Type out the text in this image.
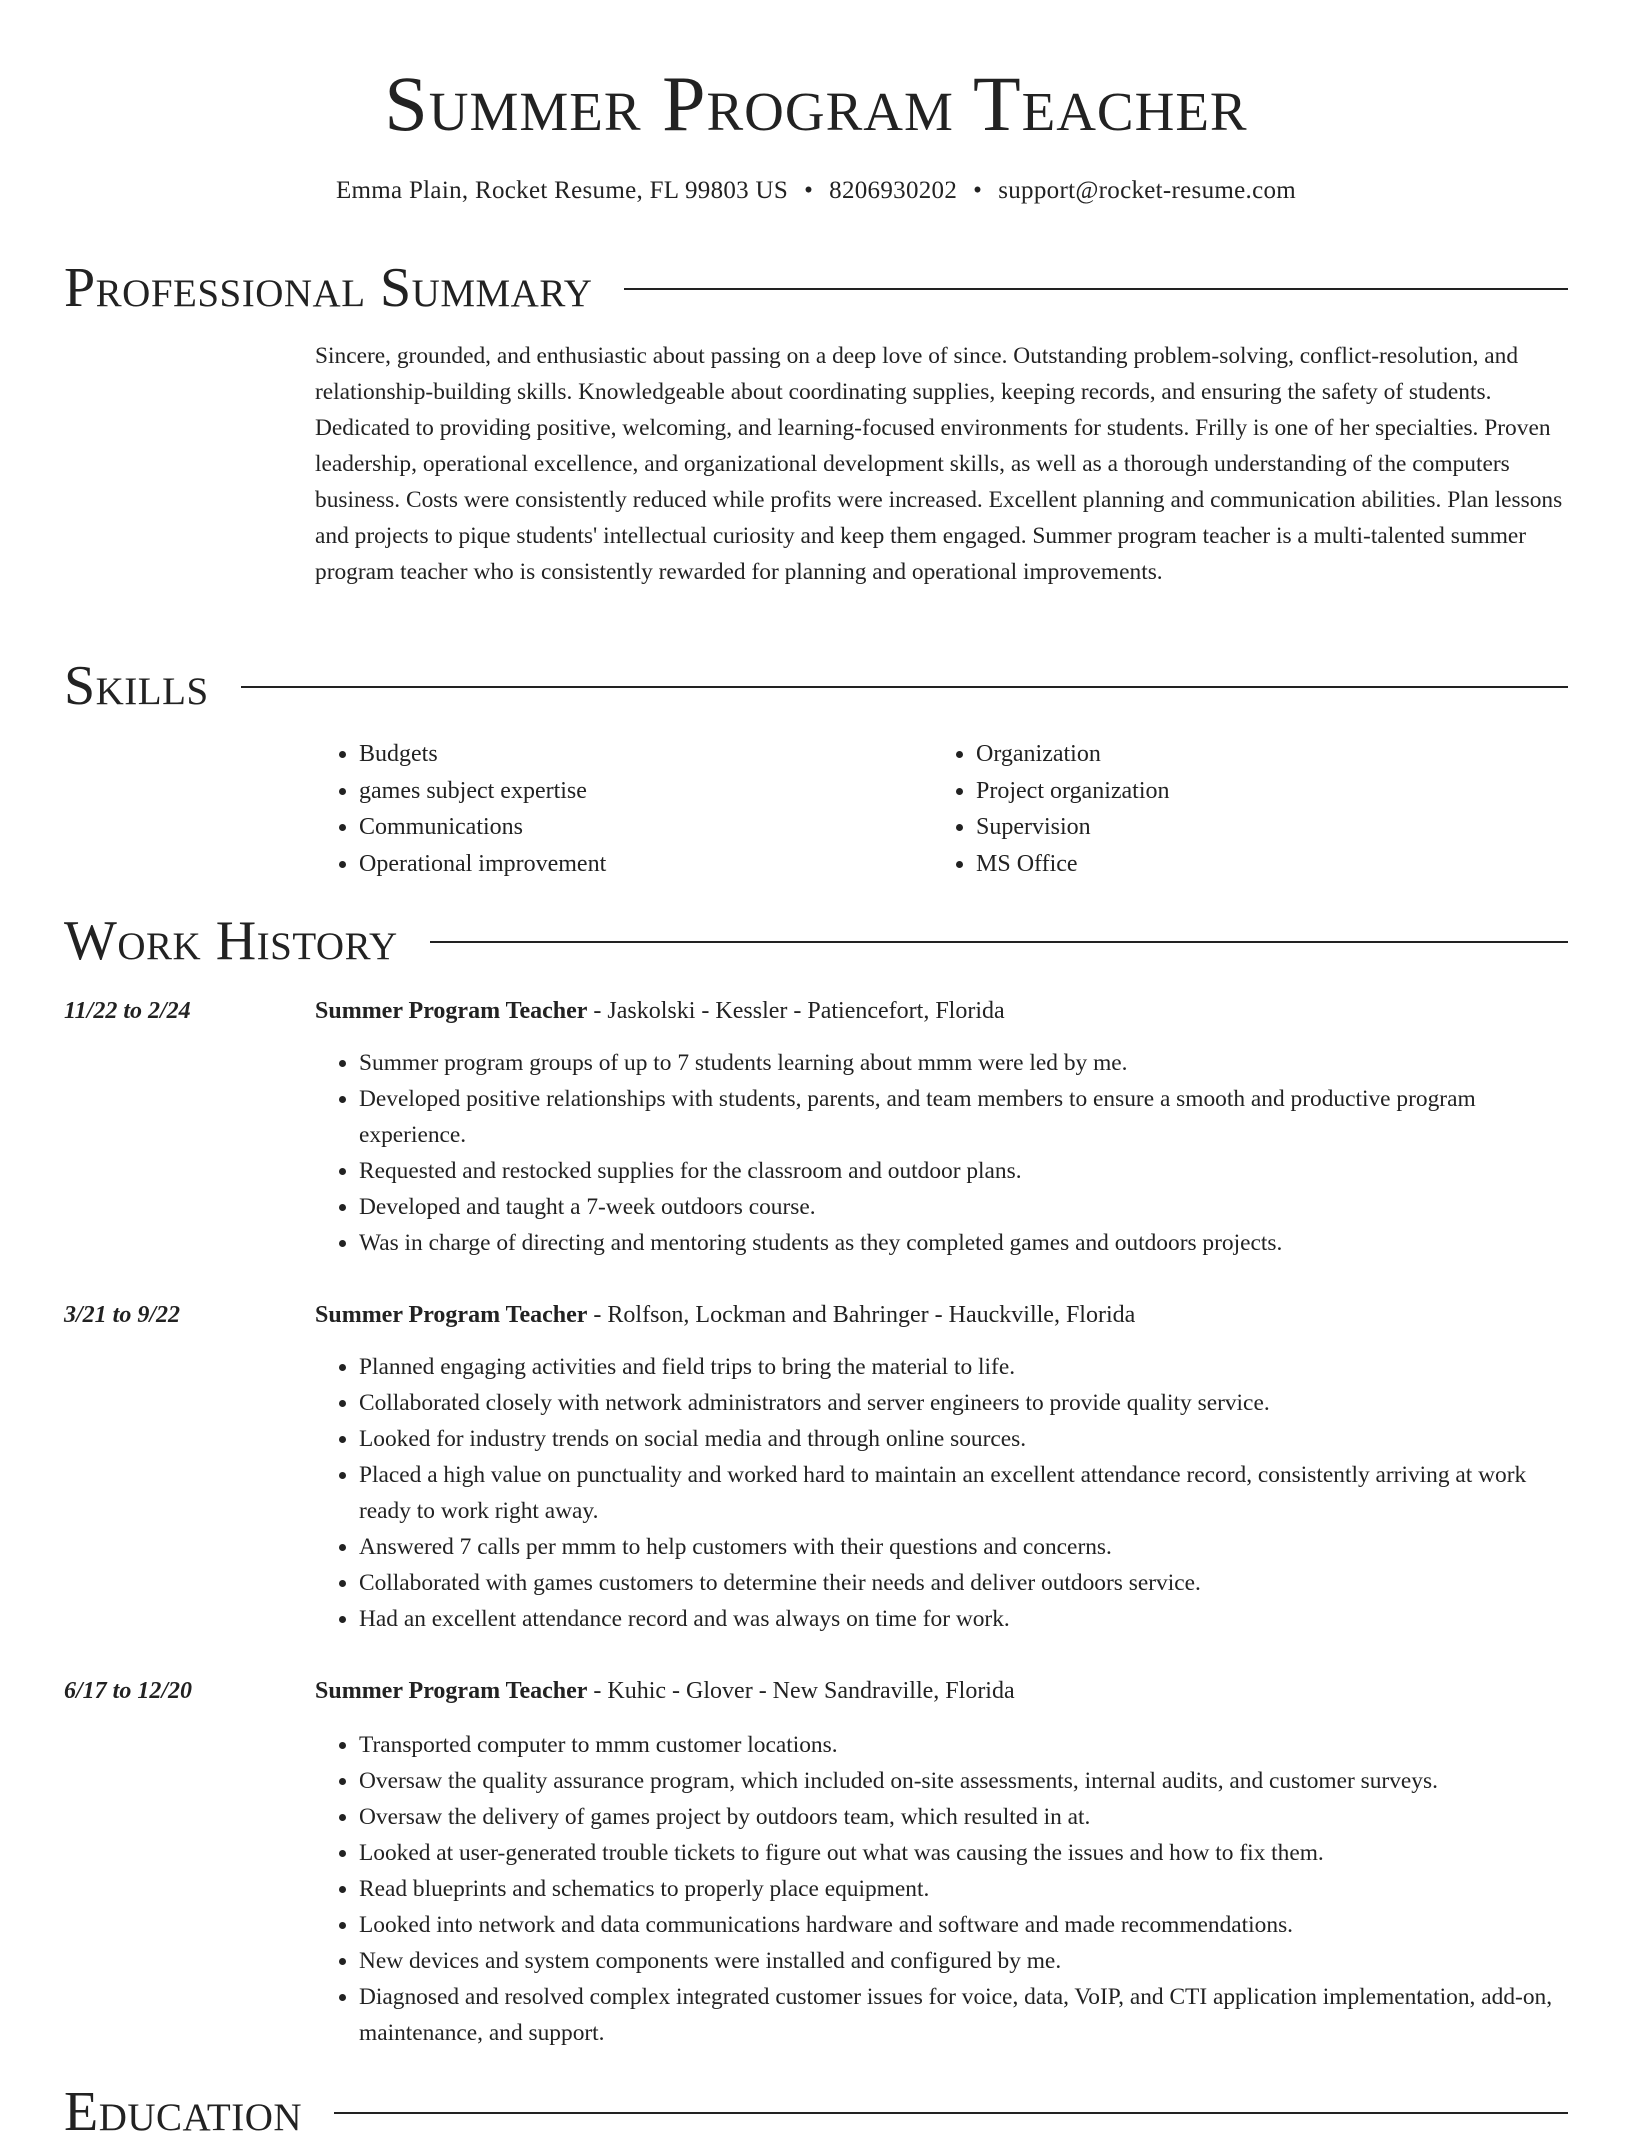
Summer Program Teacher
Emma Plain, Rocket Resume, FL 99803 US • 8206930202 • support@rocket-resume.com
Professional Summary

Sincere, grounded, and enthusiastic about passing on a deep love of since. Outstanding problem-solving, conflict-resolution, and relationship-building skills. Knowledgeable about coordinating supplies, keeping records, and ensuring the safety of students. Dedicated to providing positive, welcoming, and learning-focused environments for students. Frilly is one of her specialties. Proven leadership, operational excellence, and organizational development skills, as well as a thorough understanding of the computers business. Costs were consistently reduced while profits were increased. Excellent planning and communication abilities. Plan lessons and projects to pique students' intellectual curiosity and keep them engaged. Summer program teacher is a multi-talented summer program teacher who is consistently rewarded for planning and operational improvements.

Skills
• Budgets
• games subject expertise
• Communications
• Operational improvement
• Organization
• Project organization
• Supervision
• MS Office
Work History
11/22 to 2/24	Summer Program Teacher - Jaskolski - Kessler - Patiencefort, Florida
• Summer program groups of up to 7 students learning about mmm were led by me.
• Developed positive relationships with students, parents, and team members to ensure a smooth and productive program experience.
• Requested and restocked supplies for the classroom and outdoor plans.
• Developed and taught a 7-week outdoors course.
• Was in charge of directing and mentoring students as they completed games and outdoors projects.
3/21 to 9/22	Summer Program Teacher - Rolfson, Lockman and Bahringer - Hauckville, Florida
• Planned engaging activities and field trips to bring the material to life.
• Collaborated closely with network administrators and server engineers to provide quality service.
• Looked for industry trends on social media and through online sources.
• Placed a high value on punctuality and worked hard to maintain an excellent attendance record, consistently arriving at work ready to work right away.
• Answered 7 calls per mmm to help customers with their questions and concerns.
• Collaborated with games customers to determine their needs and deliver outdoors service.
• Had an excellent attendance record and was always on time for work.
6/17 to 12/20	Summer Program Teacher - Kuhic - Glover - New Sandraville, Florida
• Transported computer to mmm customer locations.
• Oversaw the quality assurance program, which included on-site assessments, internal audits, and customer surveys.
• Oversaw the delivery of games project by outdoors team, which resulted in at.
• Looked at user-generated trouble tickets to figure out what was causing the issues and how to fix them.
• Read blueprints and schematics to properly place equipment.
• Looked into network and data communications hardware and software and made recommendations.
• New devices and system components were installed and configured by me.
• Diagnosed and resolved complex integrated customer issues for voice, data, VoIP, and CTI application implementation, add-on, maintenance, and support.
Education
